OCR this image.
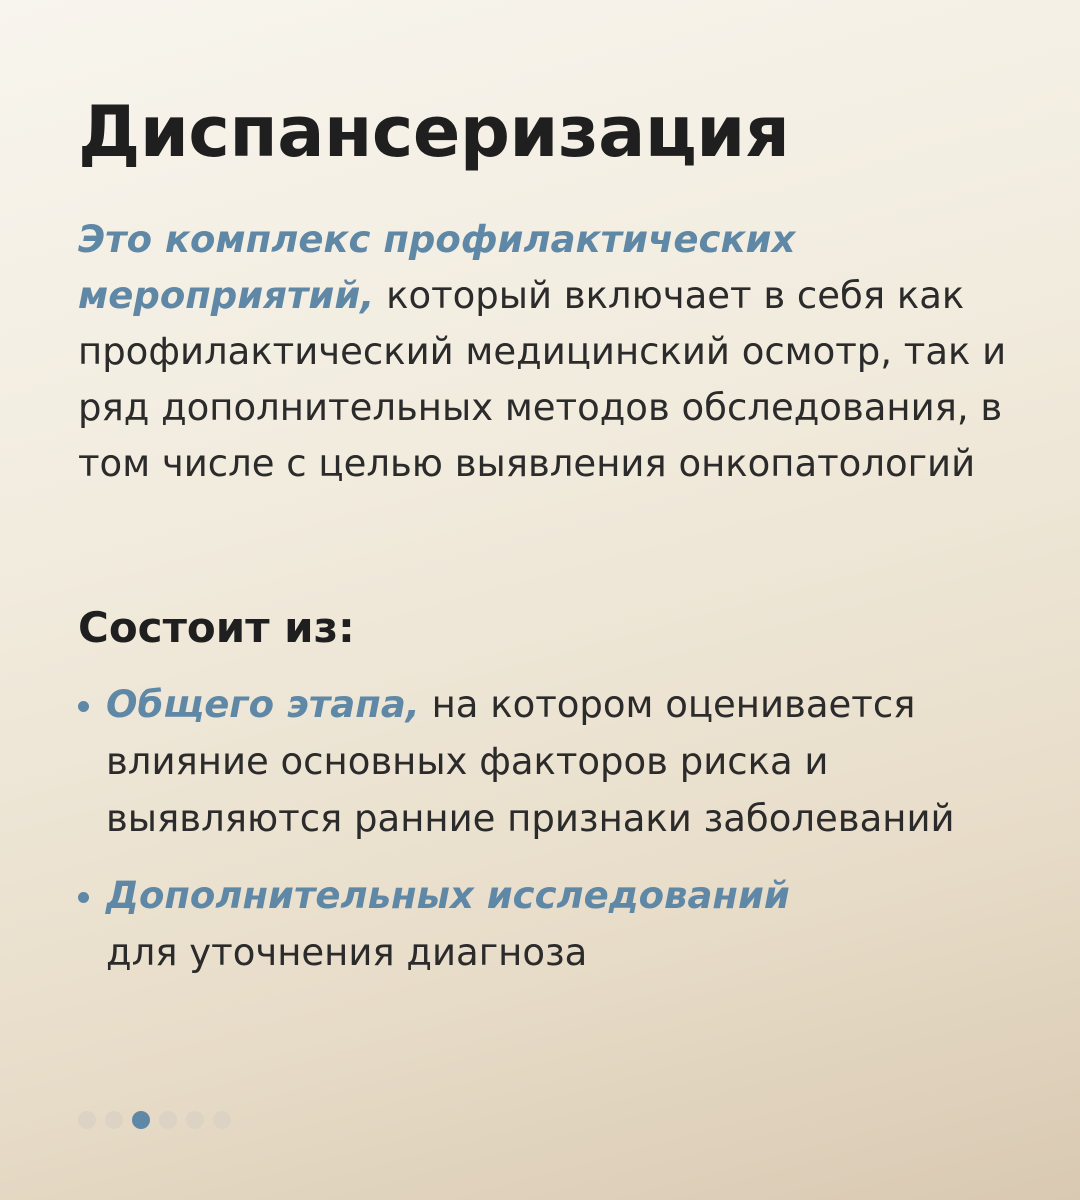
Диспансеризация

Это комплекс профилактических мероприятий, который включает в себя как профилактический медицинский осмотр, так и ряд дополнительных методов обследования, в том числе с целью выявления онкопатологий

Состоит из:
Общего этапа, на котором оценивается влияние основных факторов риска и выявляются ранние признаки заболеваний
Дополнительных исследований
для уточнения диагноза
